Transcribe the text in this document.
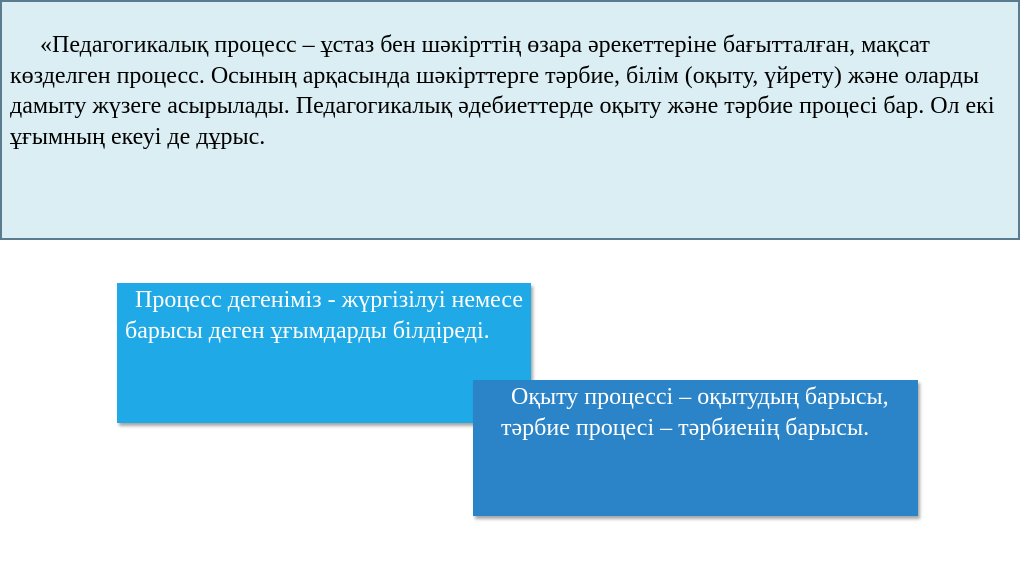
«Педагогикалық процесс – ұстаз бен шәкірттің өзара әрекеттеріне бағытталған, мақсат көзделген процесс. Осының арқасында шәкірттерге тәрбие, білім (оқыту, үйрету) және оларды дамыту жүзеге асырылады. Педагогикалық әдебиеттерде оқыту және тәрбие процесі бар. Ол екі ұғымның екеуі де дұрыс.

Процесс дегеніміз - жүргізілуі немесе барысы деген ұғымдарды білдіреді.

Оқыту процессі – оқытудың барысы, тәрбие процесі – тәрбиенің барысы.
